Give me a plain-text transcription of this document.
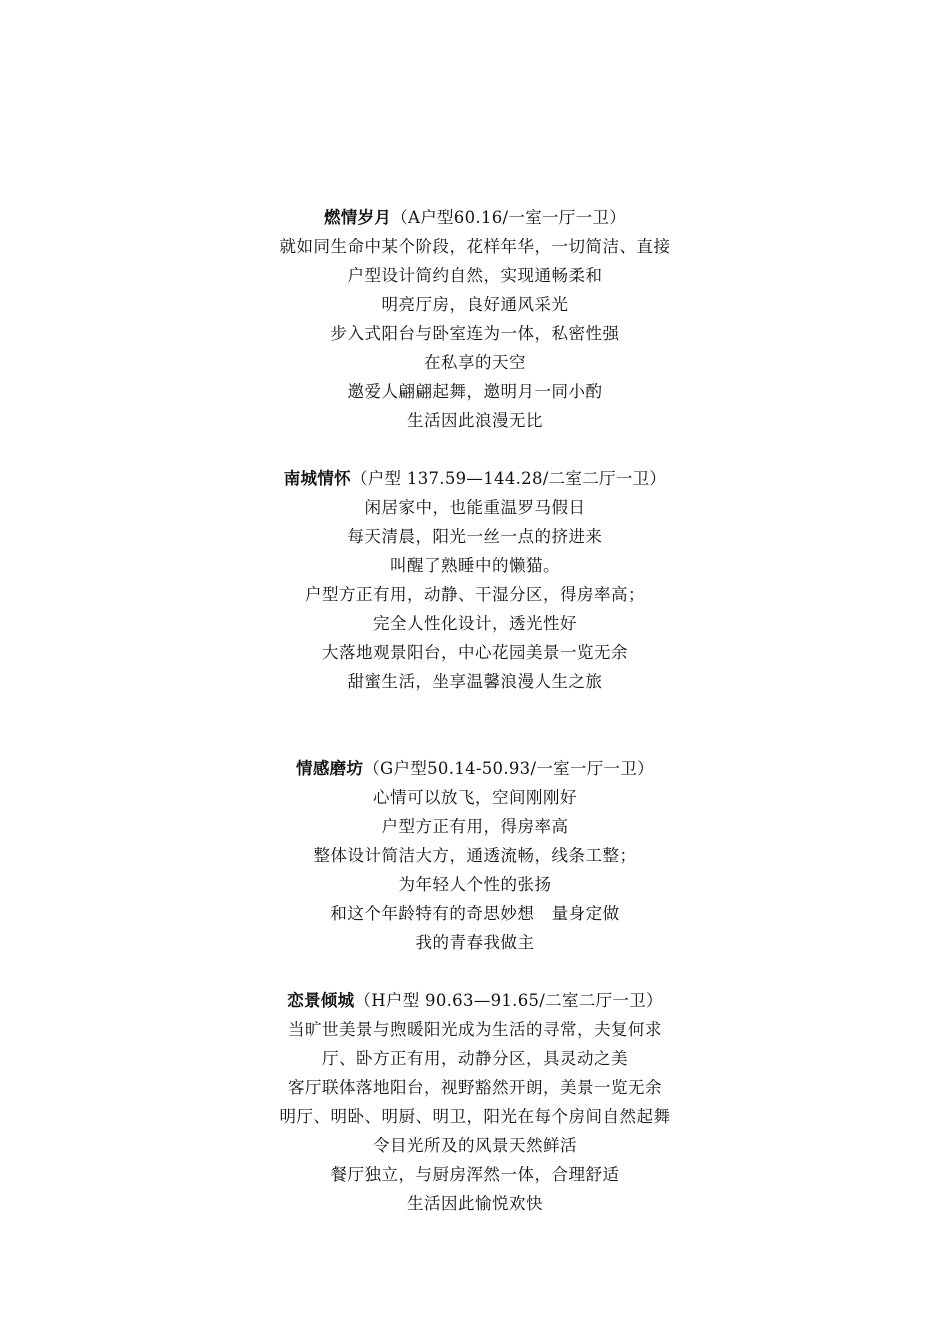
燃情岁月（A户型60.16/一室一厅一卫）
就如同生命中某个阶段，花样年华，一切简洁、直接
户型设计简约自然，实现通畅柔和
明亮厅房，良好通风采光
步入式阳台与卧室连为一体，私密性强
在私享的天空
邀爱人翩翩起舞，邀明月一同小酌
生活因此浪漫无比
南城情怀（户型 137.59—144.28/二室二厅一卫）
闲居家中，也能重温罗马假日
每天清晨，阳光一丝一点的挤进来
叫醒了熟睡中的懒猫。
户型方正有用，动静、干湿分区，得房率高；
完全人性化设计，透光性好
大落地观景阳台，中心花园美景一览无余
甜蜜生活，坐享温馨浪漫人生之旅
情感磨坊（G户型50.14-50.93/一室一厅一卫）
心情可以放飞，空间刚刚好
户型方正有用，得房率高
整体设计简洁大方，通透流畅，线条工整；
为年轻人个性的张扬
和这个年龄特有的奇思妙想   量身定做
我的青春我做主
恋景倾城（H户型 90.63—91.65/二室二厅一卫）
当旷世美景与煦暖阳光成为生活的寻常，夫复何求
厅、卧方正有用，动静分区，具灵动之美
客厅联体落地阳台，视野豁然开朗，美景一览无余
明厅、明卧、明厨、明卫，阳光在每个房间自然起舞
令目光所及的风景天然鲜活
餐厅独立，与厨房浑然一体，合理舒适
生活因此愉悦欢快
